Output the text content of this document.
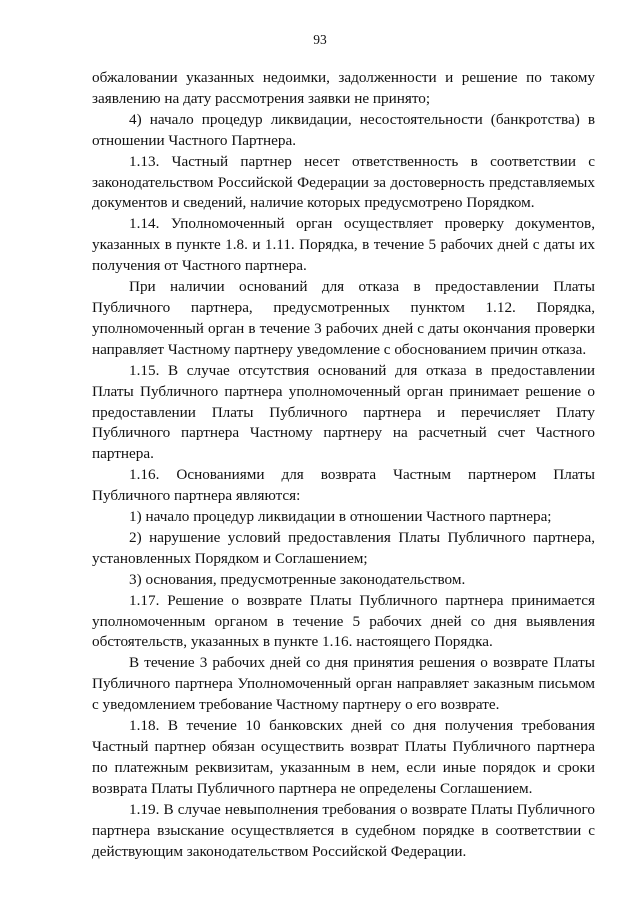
93

обжаловании указанных недоимки, задолженности и решение по такому заявлению на дату рассмотрения заявки не принято;

4) начало процедур ликвидации, несостоятельности (банкротства) в отношении Частного Партнера.

1.13. Частный партнер несет ответственность в соответствии с законодательством Российской Федерации за достоверность представляемых документов и сведений, наличие которых предусмотрено Порядком.

1.14. Уполномоченный орган осуществляет проверку документов, указанных в пункте 1.8. и 1.11. Порядка, в течение 5 рабочих дней с даты их получения от Частного партнера.

При наличии оснований для отказа в предоставлении Платы Публичного партнера, предусмотренных пунктом 1.12. Порядка, уполномоченный орган в течение 3 рабочих дней с даты окончания проверки направляет Частному партнеру уведомление с обоснованием причин отказа.

1.15. В случае отсутствия оснований для отказа в предоставлении Платы Публичного партнера уполномоченный орган принимает решение о предоставлении Платы Публичного партнера и перечисляет Плату Публичного партнера Частному партнеру на расчетный счет Частного партнера.

1.16. Основаниями для возврата Частным партнером Платы Публичного партнера являются:

1) начало процедур ликвидации в отношении Частного партнера;

2) нарушение условий предоставления Платы Публичного партнера, установленных Порядком и Соглашением;

3) основания, предусмотренные законодательством.

1.17. Решение о возврате Платы Публичного партнера принимается уполномоченным органом в течение 5 рабочих дней со дня выявления обстоятельств, указанных в пункте 1.16. настоящего Порядка.

В течение 3 рабочих дней со дня принятия решения о возврате Платы Публичного партнера Уполномоченный орган направляет заказным письмом с уведомлением требование Частному партнеру о его возврате.

1.18. В течение 10 банковских дней со дня получения требования Частный партнер обязан осуществить возврат Платы Публичного партнера по платежным реквизитам, указанным в нем, если иные порядок и сроки возврата Платы Публичного партнера не определены Соглашением.

1.19. В случае невыполнения требования о возврате Платы Публичного партнера взыскание осуществляется в судебном порядке в соответствии с действующим законодательством Российской Федерации.
